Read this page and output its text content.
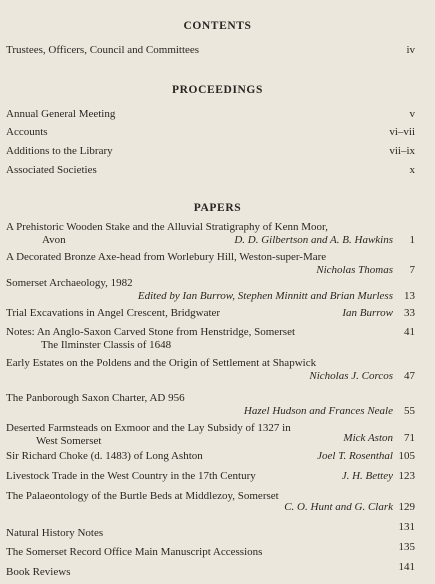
CONTENTS
Trustees, Officers, Council and Committees	iv
PROCEEDINGS
Annual General Meeting	v
Accounts	vi–vii
Additions to the Library	vii–ix
Associated Societies	x
PAPERS
A Prehistoric Wooden Stake and the Alluvial Stratigraphy of Kenn Moor,
Avon	D. D. Gilbertson and A. B. Hawkins 1
A Decorated Bronze Axe-head from Worlebury Hill, Weston-super-Mare
Nicholas Thomas 7
Somerset Archaeology, 1982
Edited by Ian Burrow, Stephen Minnitt and Brian Murless 13
Trial Excavations in Angel Crescent, Bridgwater	Ian Burrow 33
Notes: An Anglo-Saxon Carved Stone from Henstridge, Somerset
The Ilminster Classis of 1648
41
Early Estates on the Poldens and the Origin of Settlement at Shapwick
Nicholas J. Corcos 47
The Panborough Saxon Charter, AD 956
Hazel Hudson and Frances Neale 55
Deserted Farmsteads on Exmoor and the Lay Subsidy of 1327 in
West Somerset	Mick Aston 71
Sir Richard Choke (d. 1483) of Long Ashton	Joel T. Rosenthal 105
Livestock Trade in the West Country in the 17th Century	J. H. Bettey 123
The Palaeontology of the Burtle Beds at Middlezoy, Somerset
C. O. Hunt and G. Clark 129
Natural History Notes	131
The Somerset Record Office Main Manuscript Accessions	135
Book Reviews	141
